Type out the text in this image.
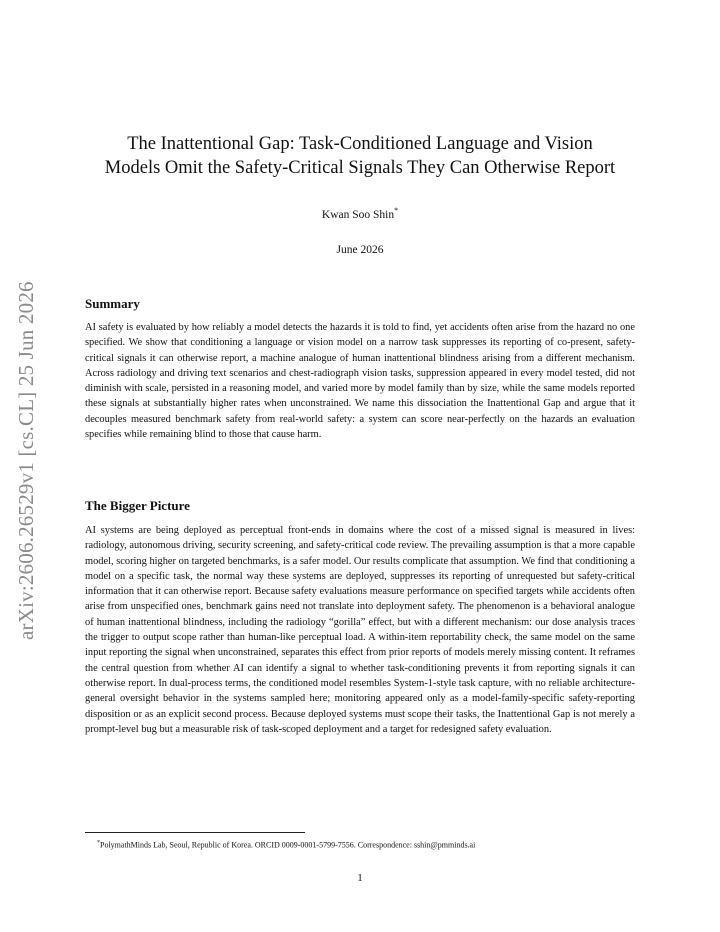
arXiv:2606.26529v1 [cs.CL] 25 Jun 2026
The Inattentional Gap: Task-Conditioned Language and Vision
Models Omit the Safety-Critical Signals They Can Otherwise Report
Kwan Soo Shin*
June 2026
Summary

AI safety is evaluated by how reliably a model detects the hazards it is told to find, yet accidents often arise from the hazard no one specified. We show that conditioning a language or vision model on a narrow task suppresses its reporting of co-present, safety-critical signals it can otherwise report, a machine analogue of human inattentional blindness arising from a different mechanism. Across radiology and driving text scenarios and chest-radiograph vision tasks, suppression appeared in every model tested, did not diminish with scale, persisted in a reasoning model, and varied more by model family than by size, while the same models reported these signals at substantially higher rates when unconstrained. We name this dissociation the Inattentional Gap and argue that it decouples measured benchmark safety from real-world safety: a system can score near-perfectly on the hazards an evaluation specifies while remaining blind to those that cause harm.

The Bigger Picture

AI systems are being deployed as perceptual front-ends in domains where the cost of a missed signal is measured in lives: radiology, autonomous driving, security screening, and safety-critical code review. The prevailing assumption is that a more capable model, scoring higher on targeted benchmarks, is a safer model. Our results complicate that assumption. We find that conditioning a model on a specific task, the normal way these systems are deployed, suppresses its reporting of unrequested but safety-critical information that it can otherwise report. Because safety evaluations measure performance on specified targets while accidents often arise from unspecified ones, benchmark gains need not translate into deployment safety. The phenomenon is a behavioral analogue of human inattentional blindness, including the radiology “gorilla” effect, but with a different mechanism: our dose analysis traces the trigger to output scope rather than human-like perceptual load. A within-item reportability check, the same model on the same input reporting the signal when unconstrained, separates this effect from prior reports of models merely missing content. It reframes the central question from whether AI can identify a signal to whether task-conditioning prevents it from reporting signals it can otherwise report. In dual-process terms, the conditioned model resembles System-1-style task capture, with no reliable architecture-general oversight behavior in the systems sampled here; monitoring appeared only as a model-family-specific safety-reporting disposition or as an explicit second process. Because deployed systems must scope their tasks, the Inattentional Gap is not merely a prompt-level bug but a measurable risk of task-scoped deployment and a target for redesigned safety evaluation.

*PolymathMinds Lab, Seoul, Republic of Korea. ORCID 0009-0001-5799-7556. Correspondence: sshin@pmminds.ai
1
